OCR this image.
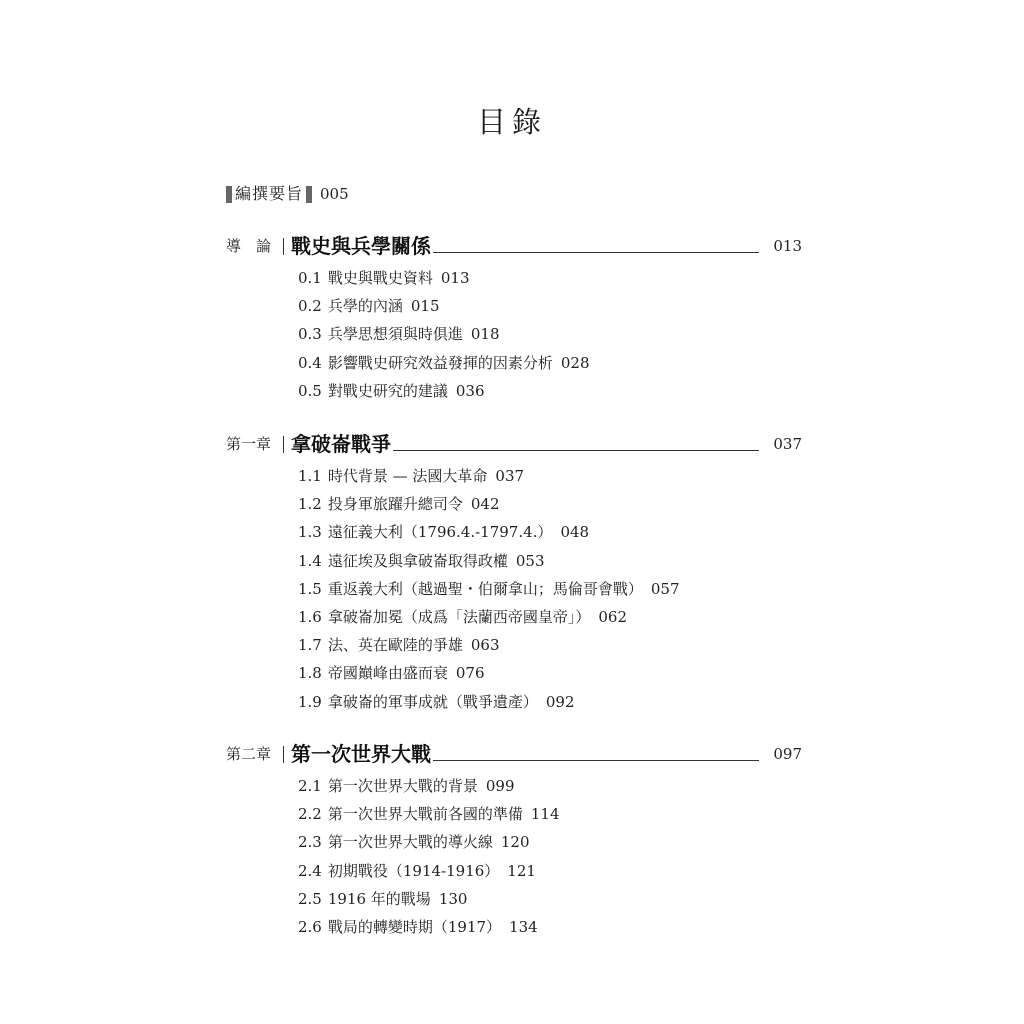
目錄
編撰要旨 005
導　論 戰史與兵學關係	013
0.1 戰史與戰史資料 013
0.2 兵學的內涵 015
0.3 兵學思想須與時俱進 018
0.4 影響戰史研究效益發揮的因素分析 028
0.5 對戰史研究的建議 036
第一章 拿破崙戰爭	037
1.1 時代背景 — 法國大革命 037
1.2 投身軍旅躍升總司令 042
1.3 遠征義大利（1796.4.-1797.4.） 048
1.4 遠征埃及與拿破崙取得政權 053
1.5 重返義大利（越過聖・伯爾拿山；馬倫哥會戰） 057
1.6 拿破崙加冕（成爲「法蘭西帝國皇帝」） 062
1.7 法、英在歐陸的爭雄 063
1.8 帝國巔峰由盛而衰 076
1.9 拿破崙的軍事成就（戰爭遺產） 092
第二章 第一次世界大戰	097
2.1 第一次世界大戰的背景 099
2.2 第一次世界大戰前各國的準備 114
2.3 第一次世界大戰的導火線 120
2.4 初期戰役（1914-1916） 121
2.5 1916 年的戰場 130
2.6 戰局的轉變時期（1917） 134
